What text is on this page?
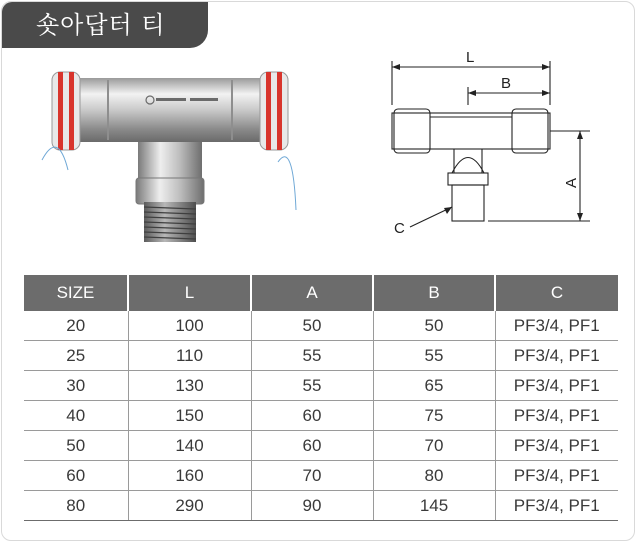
숏아답터 티
L
B
A
C
SIZE	L	A	B	C
20	100	50	50	PF3/4, PF1
25	110	55	55	PF3/4, PF1
30	130	55	65	PF3/4, PF1
40	150	60	75	PF3/4, PF1
50	140	60	70	PF3/4, PF1
60	160	70	80	PF3/4, PF1
80	290	90	145	PF3/4, PF1
